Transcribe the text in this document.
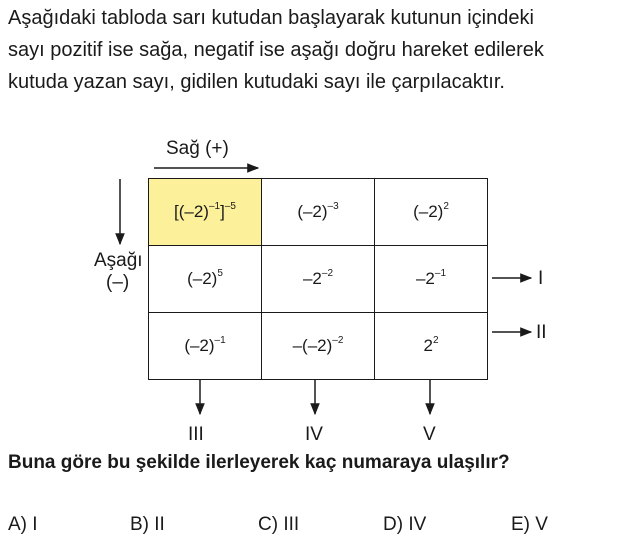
Aşağıdaki tabloda sarı kutudan başlayarak kutunun içindeki
sayı pozitif ise sağa, negatif ise aşağı doğru hareket edilerek
kutuda yazan sayı, gidilen kutudaki sayı ile çarpılacaktır.

Sağ (+)
Aşağı
(–)	I
II
III	IV	V
$[(-2)^{-1}]^{-5}$	$(-2)^{-3}$	$(-2)^2$
$(-2)^5$	$-2^{-2}$	$-2^{-1}$
$(-2)^{-1}$	$-(-2)^{-2}$	$2^2$

Buna göre bu şekilde ilerleyerek kaç numaraya ulaşılır?

A) I	B) II	C) III	D) IV	E) V
